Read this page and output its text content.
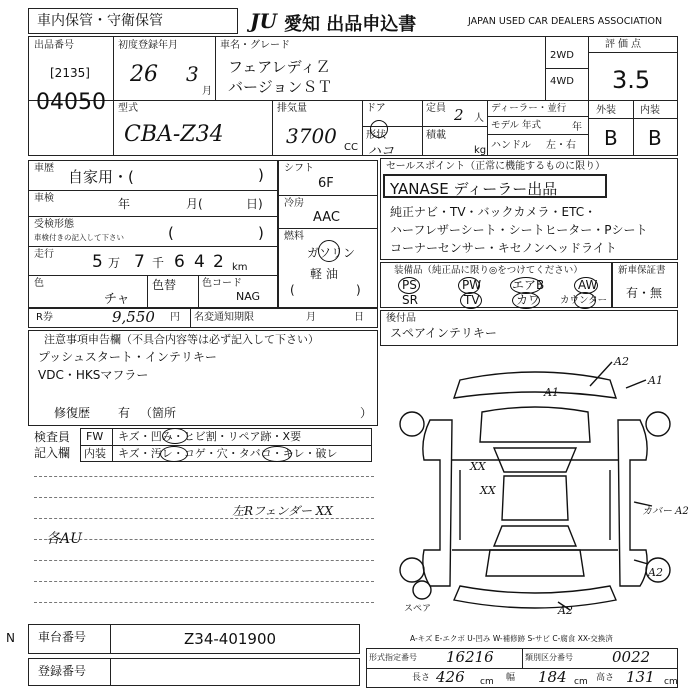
車内保管・守衛保管	JU 愛知 出品申込書	JAPAN USED CAR DEALERS ASSOCIATION
出品番号
[2135]
04050
初度登録年月
26 3
月
車名・グレード
フェアレディＺ
バージョンＳＴ
2WD
4WD
評価点
3.5
型式
CBA-Z34
排気量
3700 CC
ドア
形状
ハコ
定員 2 人
積載
kg
ディーラー・並行
モデル 年式	年
ハンドル 左・右
外装 内装
B B
車歴 自家用・(	)
車検	年	月(	日)
受検形態
車検付きの記入して下さい	(	)
走行 5 万 7 千 6 4 2 km
色
チャ
色替	色コード
NAG
R券	9,550 円 名変通知期限	月	日
シフト
6F
冷房
AAC
燃料
ガソリン
軽 油
(	)
セールスポイント（正常に機能するものに限り）
YANASE ディーラー出品
純正ナビ・TV・バックカメラ・ETC・
ハーフレザーシート・シートヒーター・Pシート
コーナーセンサー・キセノンヘッドライト
装備品（純正品に限り◎をつけてください）
PS	PW	エアB	AW
SR	TV	カワ カウンター
新車保証書
有・無
後付品
スペアインテリキー
注意事項申告欄（不具合内容等は必ず記入して下さい）
プッシュスタート・インテリキー
VDC・HKSマフラー
修復歴 有 （箇所	）
検査員
記入欄
FW キズ・凹み・ヒビ割・リペア跡・X要
内装 キズ・汚レ・コゲ・穴・タバコ・キレ・破レ
左Rフェンダー XX
各AU
A2
A1
A1
XX
XX
カバー A2
A2
A2
スペア
A-キズ E-エクボ U-凹み W-補修跡 S-サビ C-腐食 XX-交換済
N 車台番号	Z34-401900
登録番号
形式指定番号 16216	類別区分番号	0022
長さ 426 cm 幅 184 cm 高さ 131 cm
